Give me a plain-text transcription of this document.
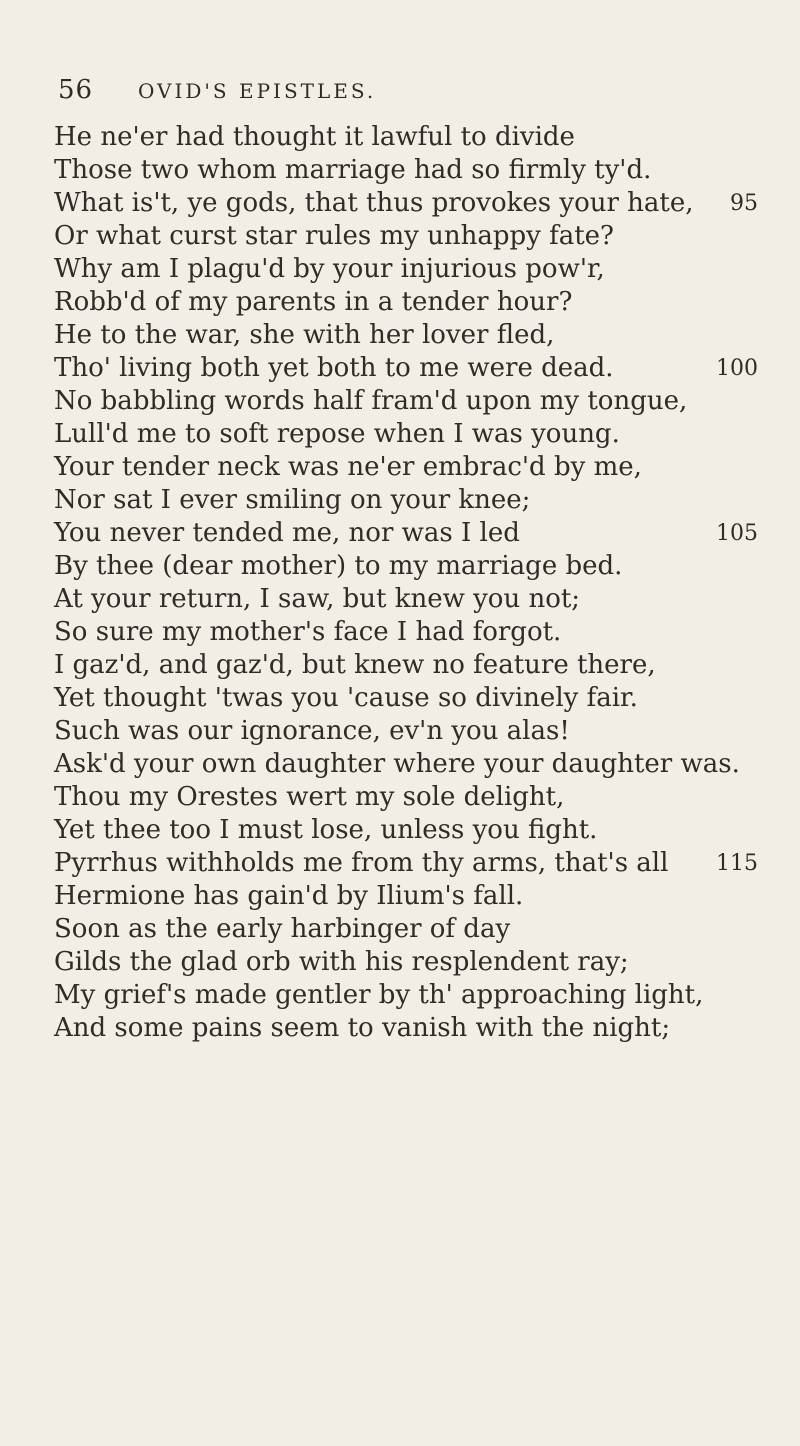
56 OVID'S EPISTLES.
He ne'er had thought it lawful to divide
Those two whom marriage had so firmly ty'd.
What is't, ye gods, that thus provokes your hate, 95
Or what curst star rules my unhappy fate?
Why am I plagu'd by your injurious pow'r,
Robb'd of my parents in a tender hour?
He to the war, she with her lover fled,
Tho' living both yet both to me were dead.	100
No babbling words half fram'd upon my tongue,
Lull'd me to soft repose when I was young.
Your tender neck was ne'er embrac'd by me,
Nor sat I ever smiling on your knee;
You never tended me, nor was I led	105
By thee (dear mother) to my marriage bed.
At your return, I saw, but knew you not;
So sure my mother's face I had forgot.
I gaz'd, and gaz'd, but knew no feature there,
Yet thought 'twas you 'cause so divinely fair.
Such was our ignorance, ev'n you alas!
Ask'd your own daughter where your daughter was.
Thou my Orestes wert my sole delight,
Yet thee too I must lose, unless you fight.
Pyrrhus withholds me from thy arms, that's all 115
Hermione has gain'd by Ilium's fall.
Soon as the early harbinger of day
Gilds the glad orb with his resplendent ray;
My grief's made gentler by th' approaching light,
And some pains seem to vanish with the night;
